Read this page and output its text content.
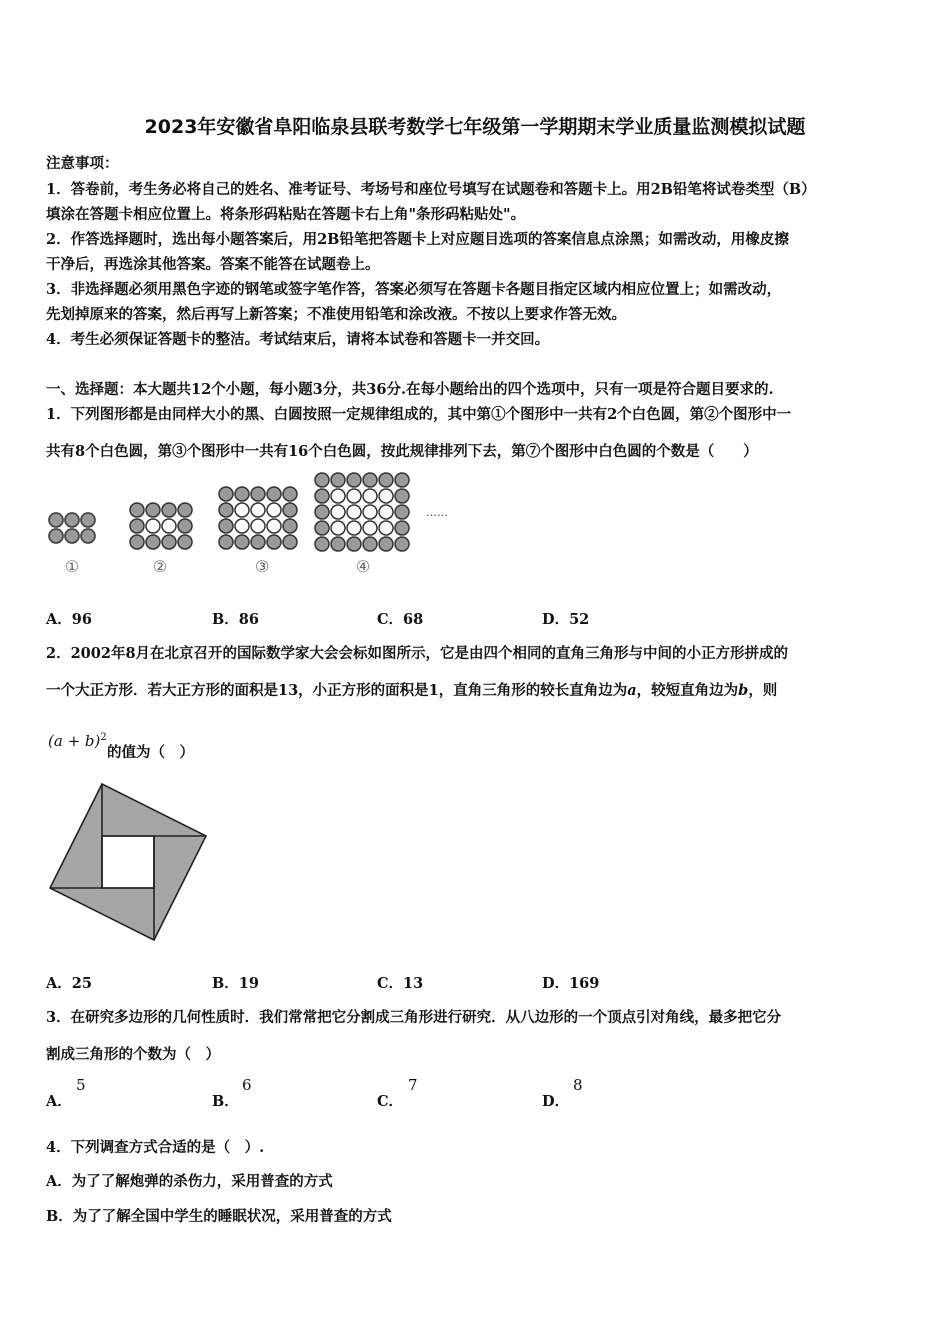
2023年安徽省阜阳临泉县联考数学七年级第一学期期末学业质量监测模拟试题
注意事项：
1．答卷前，考生务必将自己的姓名、准考证号、考场号和座位号填写在试题卷和答题卡上。用2B铅笔将试卷类型（B）
填涂在答题卡相应位置上。将条形码粘贴在答题卡右上角"条形码粘贴处"。
2．作答选择题时，选出每小题答案后，用2B铅笔把答题卡上对应题目选项的答案信息点涂黑；如需改动，用橡皮擦
干净后，再选涂其他答案。答案不能答在试题卷上。
3．非选择题必须用黑色字迹的钢笔或签字笔作答，答案必须写在答题卡各题目指定区域内相应位置上；如需改动，
先划掉原来的答案，然后再写上新答案；不准使用铅笔和涂改液。不按以上要求作答无效。
4．考生必须保证答题卡的整洁。考试结束后，请将本试卷和答题卡一并交回。
一、选择题：本大题共12个小题，每小题3分，共36分.在每小题给出的四个选项中，只有一项是符合题目要求的.
1．下列图形都是由同样大小的黑、白圆按照一定规律组成的，其中第①个图形中一共有2个白色圆，第②个图形中一
共有8个白色圆，第③个图形中一共有16个白色圆，按此规律排列下去，第⑦个图形中白色圆的个数是（　　）
①	②	③	④
……
A．96	B．86	C．68	D．52
2．2002年8月在北京召开的国际数学家大会会标如图所示，它是由四个相同的直角三角形与中间的小正方形拼成的
一个大正方形．若大正方形的面积是13，小正方形的面积是1，直角三角形的较长直角边为a，较短直角边为b，则
$(a + b)^2$
的值为（　）
A．25	B．19	C．13	D．169
3．在研究多边形的几何性质时．我们常常把它分割成三角形进行研究．从八边形的一个顶点引对角线，最多把它分
割成三角形的个数为（　）
A．
5
B．
6
C．
7
D．
8
4．下列调查方式合适的是（　）.
A．为了了解炮弹的杀伤力，采用普查的方式
B．为了了解全国中学生的睡眠状况，采用普查的方式
